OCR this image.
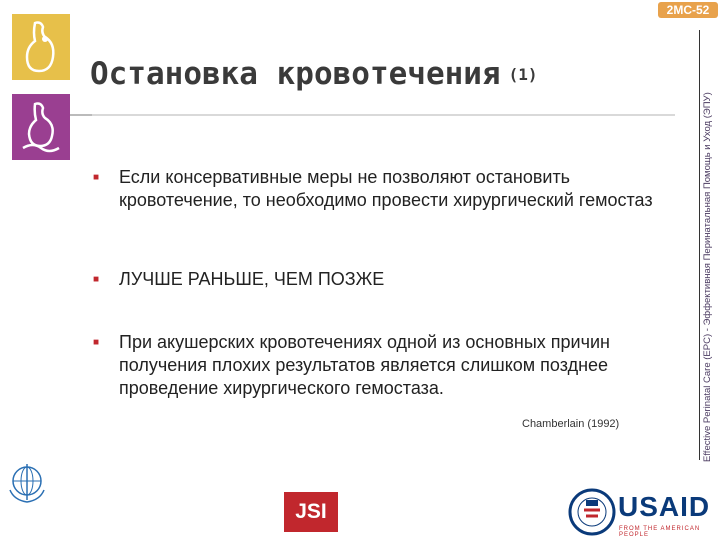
2МС-52
Effective Perinatal Care (EPC) - Эффективная Перинатальная Помощь и Уход (ЭПУ)
Остановка кровотечения $^{(1)}$
■	Если консервативные меры не позволяют остановить кровотечение, то необходимо провести хирургический гемостаз
■	ЛУЧШЕ РАНЬШЕ, ЧЕМ ПОЗЖЕ
■	При акушерских кровотечениях одной из основных причин получения плохих результатов является слишком позднее проведение хирургического гемостаза.
Chamberlain (1992)
JSI	USAID
FROM THE AMERICAN PEOPLE
